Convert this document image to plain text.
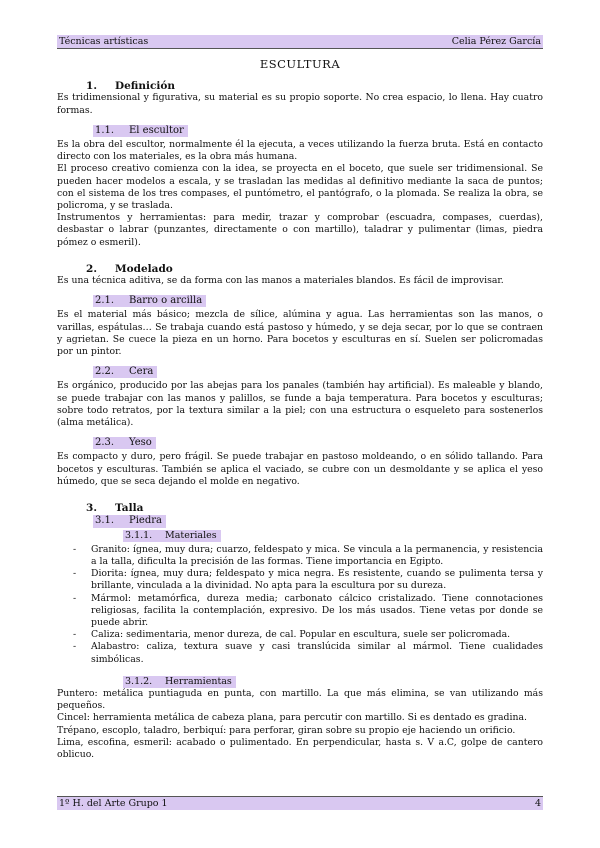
Técnicas artísticas	Celia Pérez García
ESCULTURA
1. Definición

Es tridimensional y figurativa, su material es su propio soporte. No crea espacio, lo llena. Hay cuatro formas.

1.1. El escultor

Es la obra del escultor, normalmente él la ejecuta, a veces utilizando la fuerza bruta. Está en contacto directo con los materiales, es la obra más humana.

El proceso creativo comienza con la idea, se proyecta en el boceto, que suele ser tridimensional. Se pueden hacer modelos a escala, y se trasladan las medidas al definitivo mediante la saca de puntos; con el sistema de los tres compases, el puntómetro, el pantógrafo, o la plomada. Se realiza la obra, se policroma, y se traslada.

Instrumentos y herramientas: para medir, trazar y comprobar (escuadra, compases, cuerdas), desbastar o labrar (punzantes, directamente o con martillo), taladrar y pulimentar (limas, piedra pómez o esmeril).

2. Modelado

Es una técnica aditiva, se da forma con las manos a materiales blandos. Es fácil de improvisar.

2.1. Barro o arcilla

Es el material más básico; mezcla de sílice, alúmina y agua. Las herramientas son las manos, o varillas, espátulas… Se trabaja cuando está pastoso y húmedo, y se deja secar, por lo que se contraen y agrietan. Se cuece la pieza en un horno. Para bocetos y esculturas en sí. Suelen ser policromadas por un pintor.

2.2. Cera

Es orgánico, producido por las abejas para los panales (también hay artificial). Es maleable y blando, se puede trabajar con las manos y palillos, se funde a baja temperatura. Para bocetos y esculturas; sobre todo retratos, por la textura similar a la piel; con una estructura o esqueleto para sostenerlos (alma metálica).

2.3. Yeso

Es compacto y duro, pero frágil. Se puede trabajar en pastoso moldeando, o en sólido tallando. Para bocetos y esculturas. También se aplica el vaciado, se cubre con un desmoldante y se aplica el yeso húmedo, que se seca dejando el molde en negativo.

3. Talla
3.1. Piedra
3.1.1. Materiales
- Granito: ígnea, muy dura; cuarzo, feldespato y mica. Se vincula a la permanencia, y resistencia a la talla, dificulta la precisión de las formas. Tiene importancia en Egipto.
- Diorita: ígnea, muy dura; feldespato y mica negra. Es resistente, cuando se pulimenta tersa y brillante, vinculada a la divinidad. No apta para la escultura por su dureza.
- Mármol: metamórfica, dureza media; carbonato cálcico cristalizado. Tiene connotaciones religiosas, facilita la contemplación, expresivo. De los más usados. Tiene vetas por donde se puede abrir.
- Caliza: sedimentaria, menor dureza, de cal. Popular en escultura, suele ser policromada.
- Alabastro: caliza, textura suave y casi translúcida similar al mármol. Tiene cualidades simbólicas.
3.1.2. Herramientas

Puntero: metálica puntiaguda en punta, con martillo. La que más elimina, se van utilizando más pequeños.

Cincel: herramienta metálica de cabeza plana, para percutir con martillo. Si es dentado es gradina.

Trépano, escoplo, taladro, berbiquí: para perforar, giran sobre su propio eje haciendo un orificio.

Lima, escofina, esmeril: acabado o pulimentado. En perpendicular, hasta s. V a.C, golpe de cantero oblicuo.

1º H. del Arte Grupo 1	4
